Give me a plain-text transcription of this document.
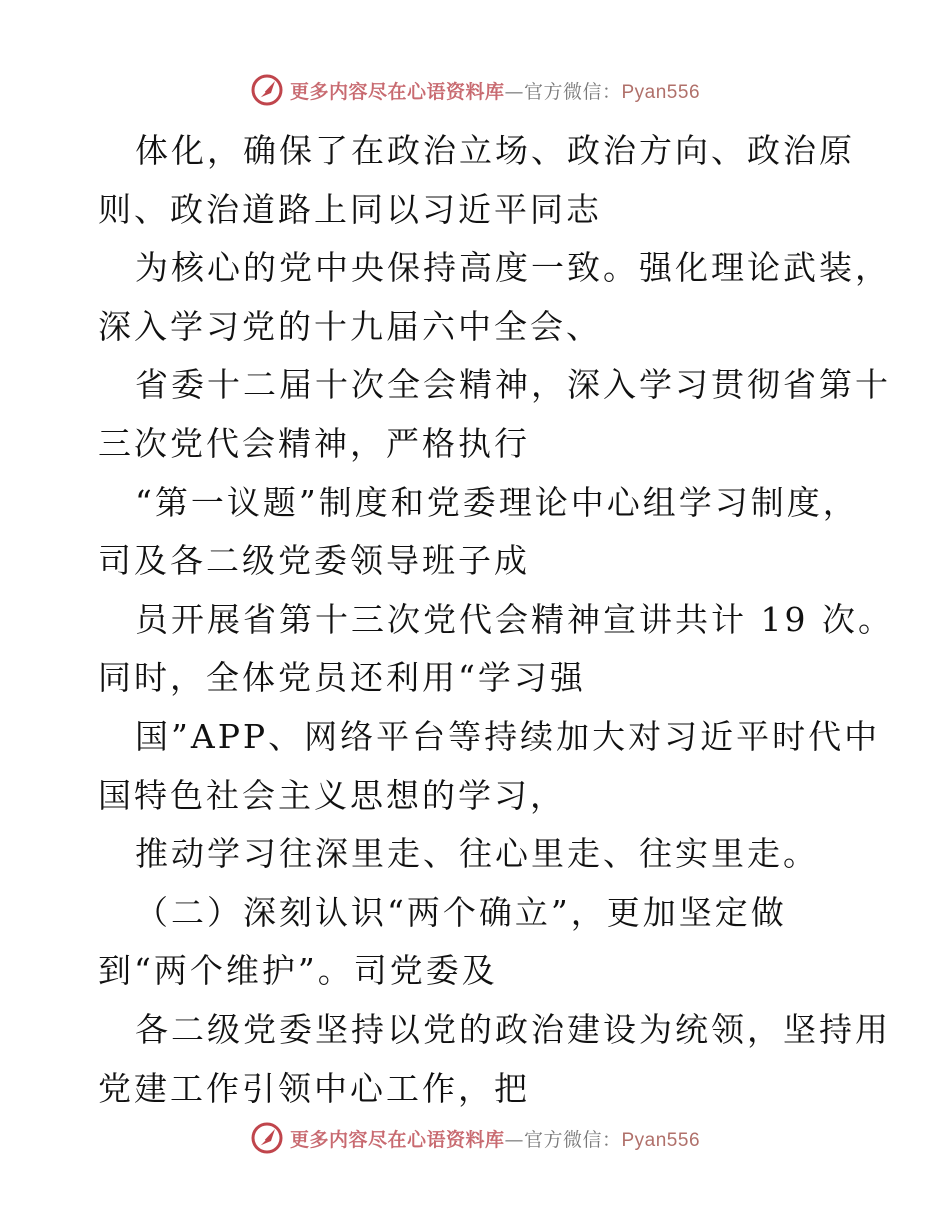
更多内容尽在心语资料库—官方微信：Pyan556
体化，确保了在政治立场、政治方向、政治原
则、政治道路上同以习近平同志
为核心的党中央保持高度一致。强化理论武装，
深入学习党的十九届六中全会、
省委十二届十次全会精神，深入学习贯彻省第十
三次党代会精神，严格执行
“第一议题”制度和党委理论中心组学习制度，
司及各二级党委领导班子成
员开展省第十三次党代会精神宣讲共计 19 次。
同时，全体党员还利用“学习强
国”APP、网络平台等持续加大对习近平时代中
国特色社会主义思想的学习，
推动学习往深里走、往心里走、往实里走。
（二）深刻认识“两个确立”，更加坚定做
到“两个维护”。司党委及
各二级党委坚持以党的政治建设为统领，坚持用
党建工作引领中心工作，把
更多内容尽在心语资料库—官方微信：Pyan556
